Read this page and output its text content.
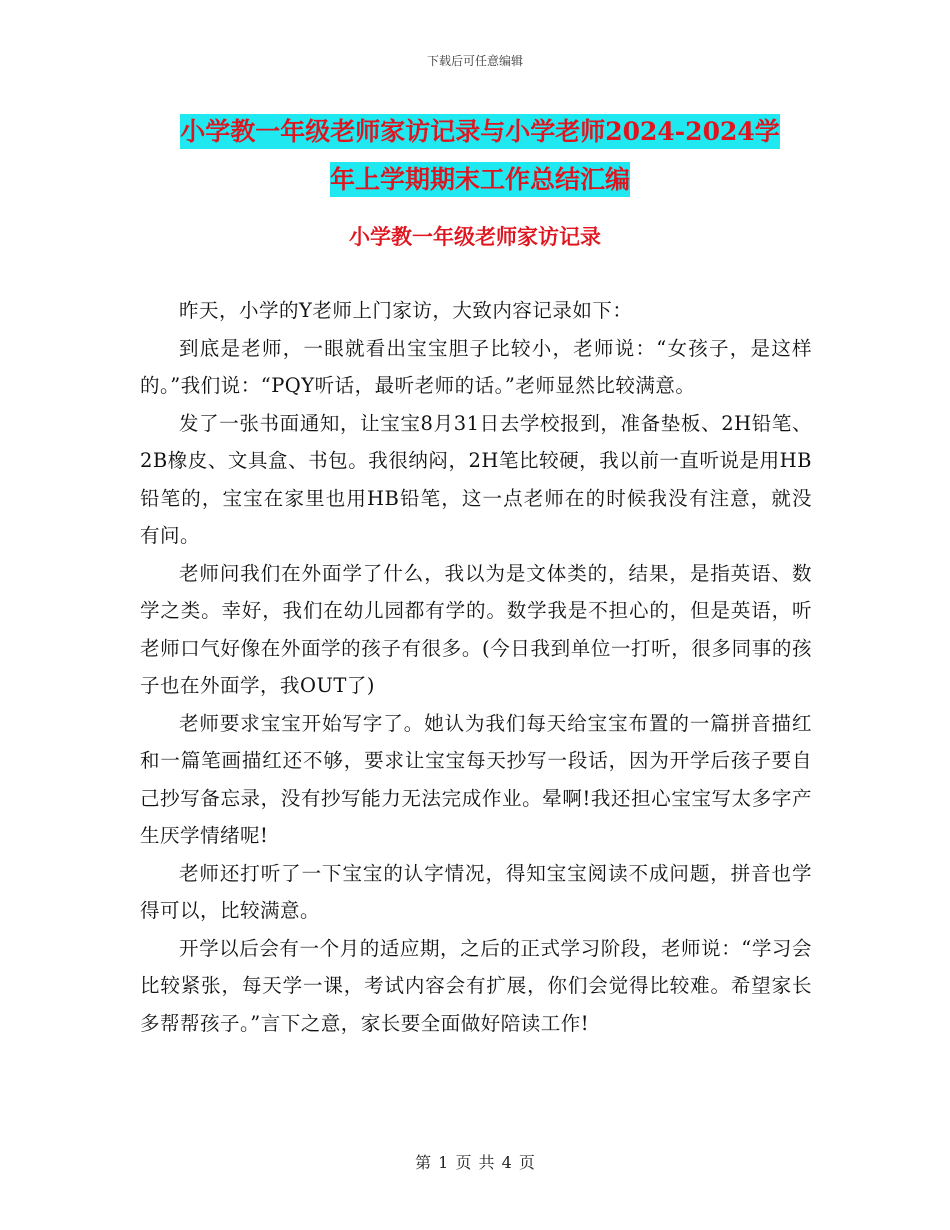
下载后可任意编辑
小学教一年级老师家访记录与小学老师2024-2024学
年上学期期末工作总结汇编
小学教一年级老师家访记录

昨天，小学的Y老师上门家访，大致内容记录如下：

到底是老师，一眼就看出宝宝胆子比较小，老师说：“女孩子，是这样的。”我们说：“PQY听话，最听老师的话。”老师显然比较满意。

发了一张书面通知，让宝宝8月31日去学校报到，准备垫板、2H铅笔、2B橡皮、文具盒、书包。我很纳闷，2H笔比较硬，我以前一直听说是用HB铅笔的，宝宝在家里也用HB铅笔，这一点老师在的时候我没有注意，就没有问。

老师问我们在外面学了什么，我以为是文体类的，结果，是指英语、数学之类。幸好，我们在幼儿园都有学的。数学我是不担心的，但是英语，听老师口气好像在外面学的孩子有很多。(今日我到单位一打听，很多同事的孩子也在外面学，我OUT了)

老师要求宝宝开始写字了。她认为我们每天给宝宝布置的一篇拼音描红和一篇笔画描红还不够，要求让宝宝每天抄写一段话，因为开学后孩子要自己抄写备忘录，没有抄写能力无法完成作业。晕啊!我还担心宝宝写太多字产生厌学情绪呢!

老师还打听了一下宝宝的认字情况，得知宝宝阅读不成问题，拼音也学得可以，比较满意。

开学以后会有一个月的适应期，之后的正式学习阶段，老师说：“学习会比较紧张，每天学一课，考试内容会有扩展，你们会觉得比较难。希望家长多帮帮孩子。”言下之意，家长要全面做好陪读工作!

第 1 页 共 4 页
